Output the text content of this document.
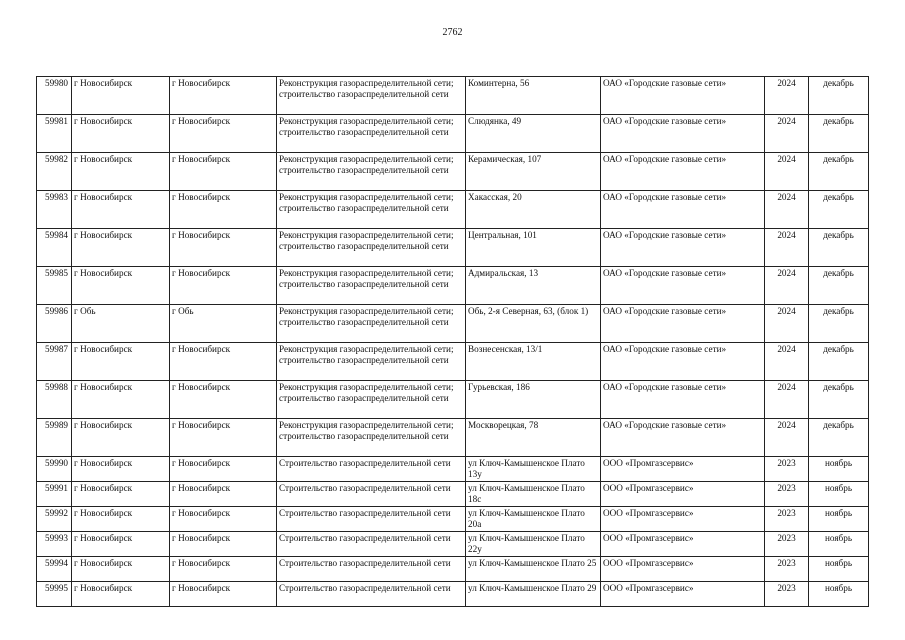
2762
59980	г Новосибирск	г Новосибирск	Реконструкция газораспределительной сети; строительство газораспределительной сети	Коминтерна, 56	ОАО «Городские газовые сети»	2024	декабрь
59981	г Новосибирск	г Новосибирск	Реконструкция газораспределительной сети; строительство газораспределительной сети	Слюдянка, 49	ОАО «Городские газовые сети»	2024	декабрь
59982	г Новосибирск	г Новосибирск	Реконструкция газораспределительной сети; строительство газораспределительной сети	Керамическая, 107	ОАО «Городские газовые сети»	2024	декабрь
59983	г Новосибирск	г Новосибирск	Реконструкция газораспределительной сети; строительство газораспределительной сети	Хакасская, 20	ОАО «Городские газовые сети»	2024	декабрь
59984	г Новосибирск	г Новосибирск	Реконструкция газораспределительной сети; строительство газораспределительной сети	Центральная, 101	ОАО «Городские газовые сети»	2024	декабрь
59985	г Новосибирск	г Новосибирск	Реконструкция газораспределительной сети; строительство газораспределительной сети	Адмиральская, 13	ОАО «Городские газовые сети»	2024	декабрь
59986	г Обь	г Обь	Реконструкция газораспределительной сети; строительство газораспределительной сети	Обь, 2-я Северная, 63, (блок 1)	ОАО «Городские газовые сети»	2024	декабрь
59987	г Новосибирск	г Новосибирск	Реконструкция газораспределительной сети; строительство газораспределительной сети	Вознесенская, 13/1	ОАО «Городские газовые сети»	2024	декабрь
59988	г Новосибирск	г Новосибирск	Реконструкция газораспределительной сети; строительство газораспределительной сети	Гурьевская, 186	ОАО «Городские газовые сети»	2024	декабрь
59989	г Новосибирск	г Новосибирск	Реконструкция газораспределительной сети; строительство газораспределительной сети	Москворецкая, 78	ОАО «Городские газовые сети»	2024	декабрь
59990	г Новосибирск	г Новосибирск	Строительство газораспределительной сети	ул Ключ-Камышенское Плато 13у	ООО «Промгазсервис»	2023	ноябрь
59991	г Новосибирск	г Новосибирск	Строительство газораспределительной сети	ул Ключ-Камышенское Плато 18с	ООО «Промгазсервис»	2023	ноябрь
59992	г Новосибирск	г Новосибирск	Строительство газораспределительной сети	ул Ключ-Камышенское Плато 20а	ООО «Промгазсервис»	2023	ноябрь
59993	г Новосибирск	г Новосибирск	Строительство газораспределительной сети	ул Ключ-Камышенское Плато 22у	ООО «Промгазсервис»	2023	ноябрь
59994	г Новосибирск	г Новосибирск	Строительство газораспределительной сети	ул Ключ-Камышенское Плато 25	ООО «Промгазсервис»	2023	ноябрь
59995	г Новосибирск	г Новосибирск	Строительство газораспределительной сети	ул Ключ-Камышенское Плато 29	ООО «Промгазсервис»	2023	ноябрь
